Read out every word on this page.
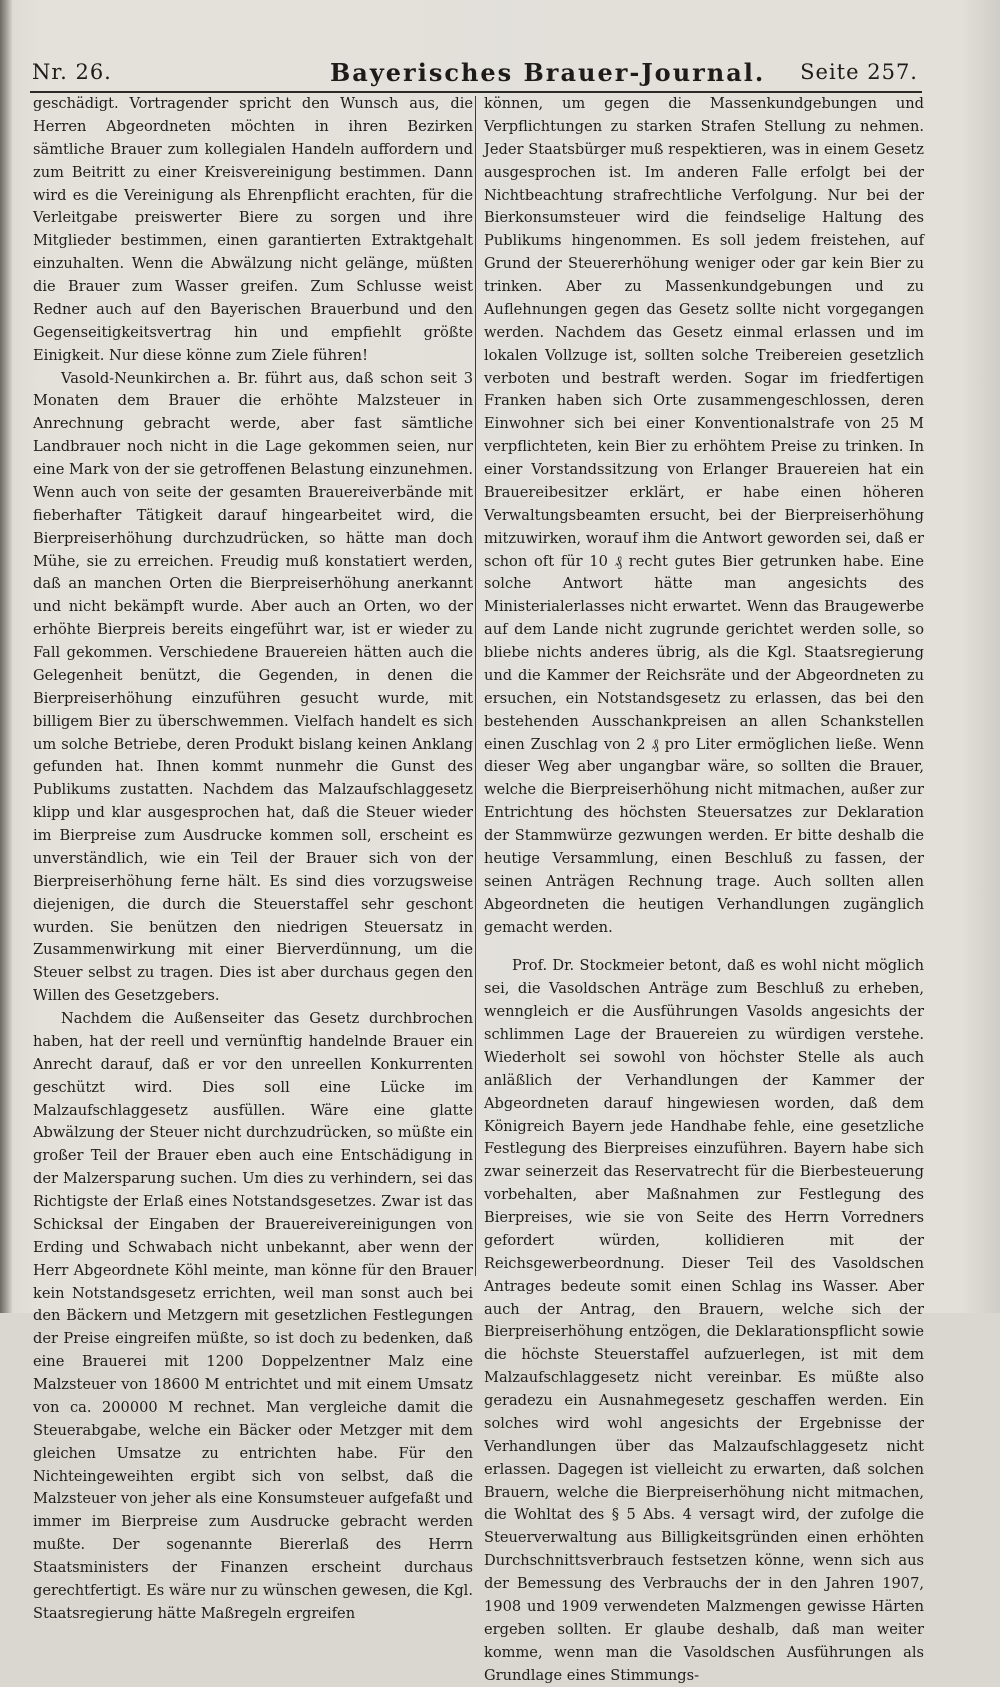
Nr. 26.	Bayerisches Brauer-Journal. Seite 257.

geschädigt. Vortragender spricht den Wunsch aus, die Herren Abgeordneten möchten in ihren Bezirken sämtliche Brauer zum kollegialen Handeln auffordern und zum Beitritt zu einer Kreisvereinigung bestimmen. Dann wird es die Vereinigung als Ehrenpflicht erachten, für die Verleitgabe preiswerter Biere zu sorgen und ihre Mitglieder bestimmen, einen garantierten Extraktgehalt einzuhalten. Wenn die Abwälzung nicht gelänge, müßten die Brauer zum Wasser greifen. Zum Schlusse weist Redner auch auf den Bayerischen Brauerbund und den Gegenseitigkeitsvertrag hin und empfiehlt größte Einigkeit. Nur diese könne zum Ziele führen!

Vasold-Neunkirchen a. Br. führt aus, daß schon seit 3 Monaten dem Brauer die erhöhte Malzsteuer in Anrechnung gebracht werde, aber fast sämtliche Landbrauer noch nicht in die Lage gekommen seien, nur eine Mark von der sie getroffenen Belastung einzunehmen. Wenn auch von seite der gesamten Brauereiverbände mit fieberhafter Tätigkeit darauf hingearbeitet wird, die Bierpreiserhöhung durchzudrücken, so hätte man doch Mühe, sie zu erreichen. Freudig muß konstatiert werden, daß an manchen Orten die Bierpreiserhöhung anerkannt und nicht bekämpft wurde. Aber auch an Orten, wo der erhöhte Bierpreis bereits eingeführt war, ist er wieder zu Fall gekommen. Verschiedene Brauereien hätten auch die Gelegenheit benützt, die Gegenden, in denen die Bierpreiserhöhung einzuführen gesucht wurde, mit billigem Bier zu überschwemmen. Vielfach handelt es sich um solche Betriebe, deren Produkt bislang keinen Anklang gefunden hat. Ihnen kommt nunmehr die Gunst des Publikums zustatten. Nachdem das Malzaufschlaggesetz klipp und klar ausgesprochen hat, daß die Steuer wieder im Bierpreise zum Ausdrucke kommen soll, erscheint es unverständlich, wie ein Teil der Brauer sich von der Bierpreiserhöhung ferne hält. Es sind dies vorzugsweise diejenigen, die durch die Steuerstaffel sehr geschont wurden. Sie benützen den niedrigen Steuersatz in Zusammenwirkung mit einer Bierverdünnung, um die Steuer selbst zu tragen. Dies ist aber durchaus gegen den Willen des Gesetzgebers.

Nachdem die Außenseiter das Gesetz durchbrochen haben, hat der reell und vernünftig handelnde Brauer ein Anrecht darauf, daß er vor den unreellen Konkurrenten geschützt wird. Dies soll eine Lücke im Malzaufschlaggesetz ausfüllen. Wäre eine glatte Abwälzung der Steuer nicht durchzudrücken, so müßte ein großer Teil der Brauer eben auch eine Entschädigung in der Malzersparung suchen. Um dies zu verhindern, sei das Richtigste der Erlaß eines Notstandsgesetzes. Zwar ist das Schicksal der Eingaben der Brauereivereinigungen von Erding und Schwabach nicht unbekannt, aber wenn der Herr Abgeordnete Köhl meinte, man könne für den Brauer kein Notstandsgesetz errichten, weil man sonst auch bei den Bäckern und Metzgern mit gesetzlichen Festlegungen der Preise eingreifen müßte, so ist doch zu bedenken, daß eine Brauerei mit 1200 Doppelzentner Malz eine Malzsteuer von 18600 M entrichtet und mit einem Umsatz von ca. 200000 M rechnet. Man vergleiche damit die Steuerabgabe, welche ein Bäcker oder Metzger mit dem gleichen Umsatze zu entrichten habe. Für den Nichteingeweihten ergibt sich von selbst, daß die Malzsteuer von jeher als eine Konsumsteuer aufgefaßt und immer im Bierpreise zum Ausdrucke gebracht werden mußte. Der sogenannte Biererlaß des Herrn Staatsministers der Finanzen erscheint durchaus gerechtfertigt. Es wäre nur zu wünschen gewesen, die Kgl. Staatsregierung hätte Maßregeln ergreifen

können, um gegen die Massenkundgebungen und Verpflichtungen zu starken Strafen Stellung zu nehmen. Jeder Staatsbürger muß respektieren, was in einem Gesetz ausgesprochen ist. Im anderen Falle erfolgt bei der Nichtbeachtung strafrechtliche Verfolgung. Nur bei der Bierkonsumsteuer wird die feindselige Haltung des Publikums hingenommen. Es soll jedem freistehen, auf Grund der Steuererhöhung weniger oder gar kein Bier zu trinken. Aber zu Massenkundgebungen und zu Auflehnungen gegen das Gesetz sollte nicht vorgegangen werden. Nachdem das Gesetz einmal erlassen und im lokalen Vollzuge ist, sollten solche Treibereien gesetzlich verboten und bestraft werden. Sogar im friedfertigen Franken haben sich Orte zusammengeschlossen, deren Einwohner sich bei einer Konventionalstrafe von 25 M verpflichteten, kein Bier zu erhöhtem Preise zu trinken. In einer Vorstandssitzung von Erlanger Brauereien hat ein Brauereibesitzer erklärt, er habe einen höheren Verwaltungsbeamten ersucht, bei der Bierpreiserhöhung mitzuwirken, worauf ihm die Antwort geworden sei, daß er schon oft für 10 ₰ recht gutes Bier getrunken habe. Eine solche Antwort hätte man angesichts des Ministerialerlasses nicht erwartet. Wenn das Braugewerbe auf dem Lande nicht zugrunde gerichtet werden solle, so bliebe nichts anderes übrig, als die Kgl. Staatsregierung und die Kammer der Reichsräte und der Abgeordneten zu ersuchen, ein Notstandsgesetz zu erlassen, das bei den bestehenden Ausschankpreisen an allen Schankstellen einen Zuschlag von 2 ₰ pro Liter ermöglichen ließe. Wenn dieser Weg aber ungangbar wäre, so sollten die Brauer, welche die Bierpreiserhöhung nicht mitmachen, außer zur Entrichtung des höchsten Steuersatzes zur Deklaration der Stammwürze gezwungen werden. Er bitte deshalb die heutige Versammlung, einen Beschluß zu fassen, der seinen Anträgen Rechnung trage. Auch sollten allen Abgeordneten die heutigen Verhandlungen zugänglich gemacht werden.

Prof. Dr. Stockmeier betont, daß es wohl nicht möglich sei, die Vasoldschen Anträge zum Beschluß zu erheben, wenngleich er die Ausführungen Vasolds angesichts der schlimmen Lage der Brauereien zu würdigen verstehe. Wiederholt sei sowohl von höchster Stelle als auch anläßlich der Verhandlungen der Kammer der Abgeordneten darauf hingewiesen worden, daß dem Königreich Bayern jede Handhabe fehle, eine gesetzliche Festlegung des Bierpreises einzuführen. Bayern habe sich zwar seinerzeit das Reservatrecht für die Bierbesteuerung vorbehalten, aber Maßnahmen zur Festlegung des Bierpreises, wie sie von Seite des Herrn Vorredners gefordert würden, kollidieren mit der Reichsgewerbeordnung. Dieser Teil des Vasoldschen Antrages bedeute somit einen Schlag ins Wasser. Aber auch der Antrag, den Brauern, welche sich der Bierpreiserhöhung entzögen, die Deklarationspflicht sowie die höchste Steuerstaffel aufzuerlegen, ist mit dem Malzaufschlaggesetz nicht vereinbar. Es müßte also geradezu ein Ausnahmegesetz geschaffen werden. Ein solches wird wohl angesichts der Ergebnisse der Verhandlungen über das Malzaufschlaggesetz nicht erlassen. Dagegen ist vielleicht zu erwarten, daß solchen Brauern, welche die Bierpreiserhöhung nicht mitmachen, die Wohltat des § 5 Abs. 4 versagt wird, der zufolge die Steuerverwaltung aus Billigkeitsgründen einen erhöhten Durchschnittsverbrauch festsetzen könne, wenn sich aus der Bemessung des Verbrauchs der in den Jahren 1907, 1908 und 1909 verwendeten Malzmengen gewisse Härten ergeben sollten. Er glaube deshalb, daß man weiter komme, wenn man die Vasoldschen Ausführungen als Grundlage eines Stimmungs-
